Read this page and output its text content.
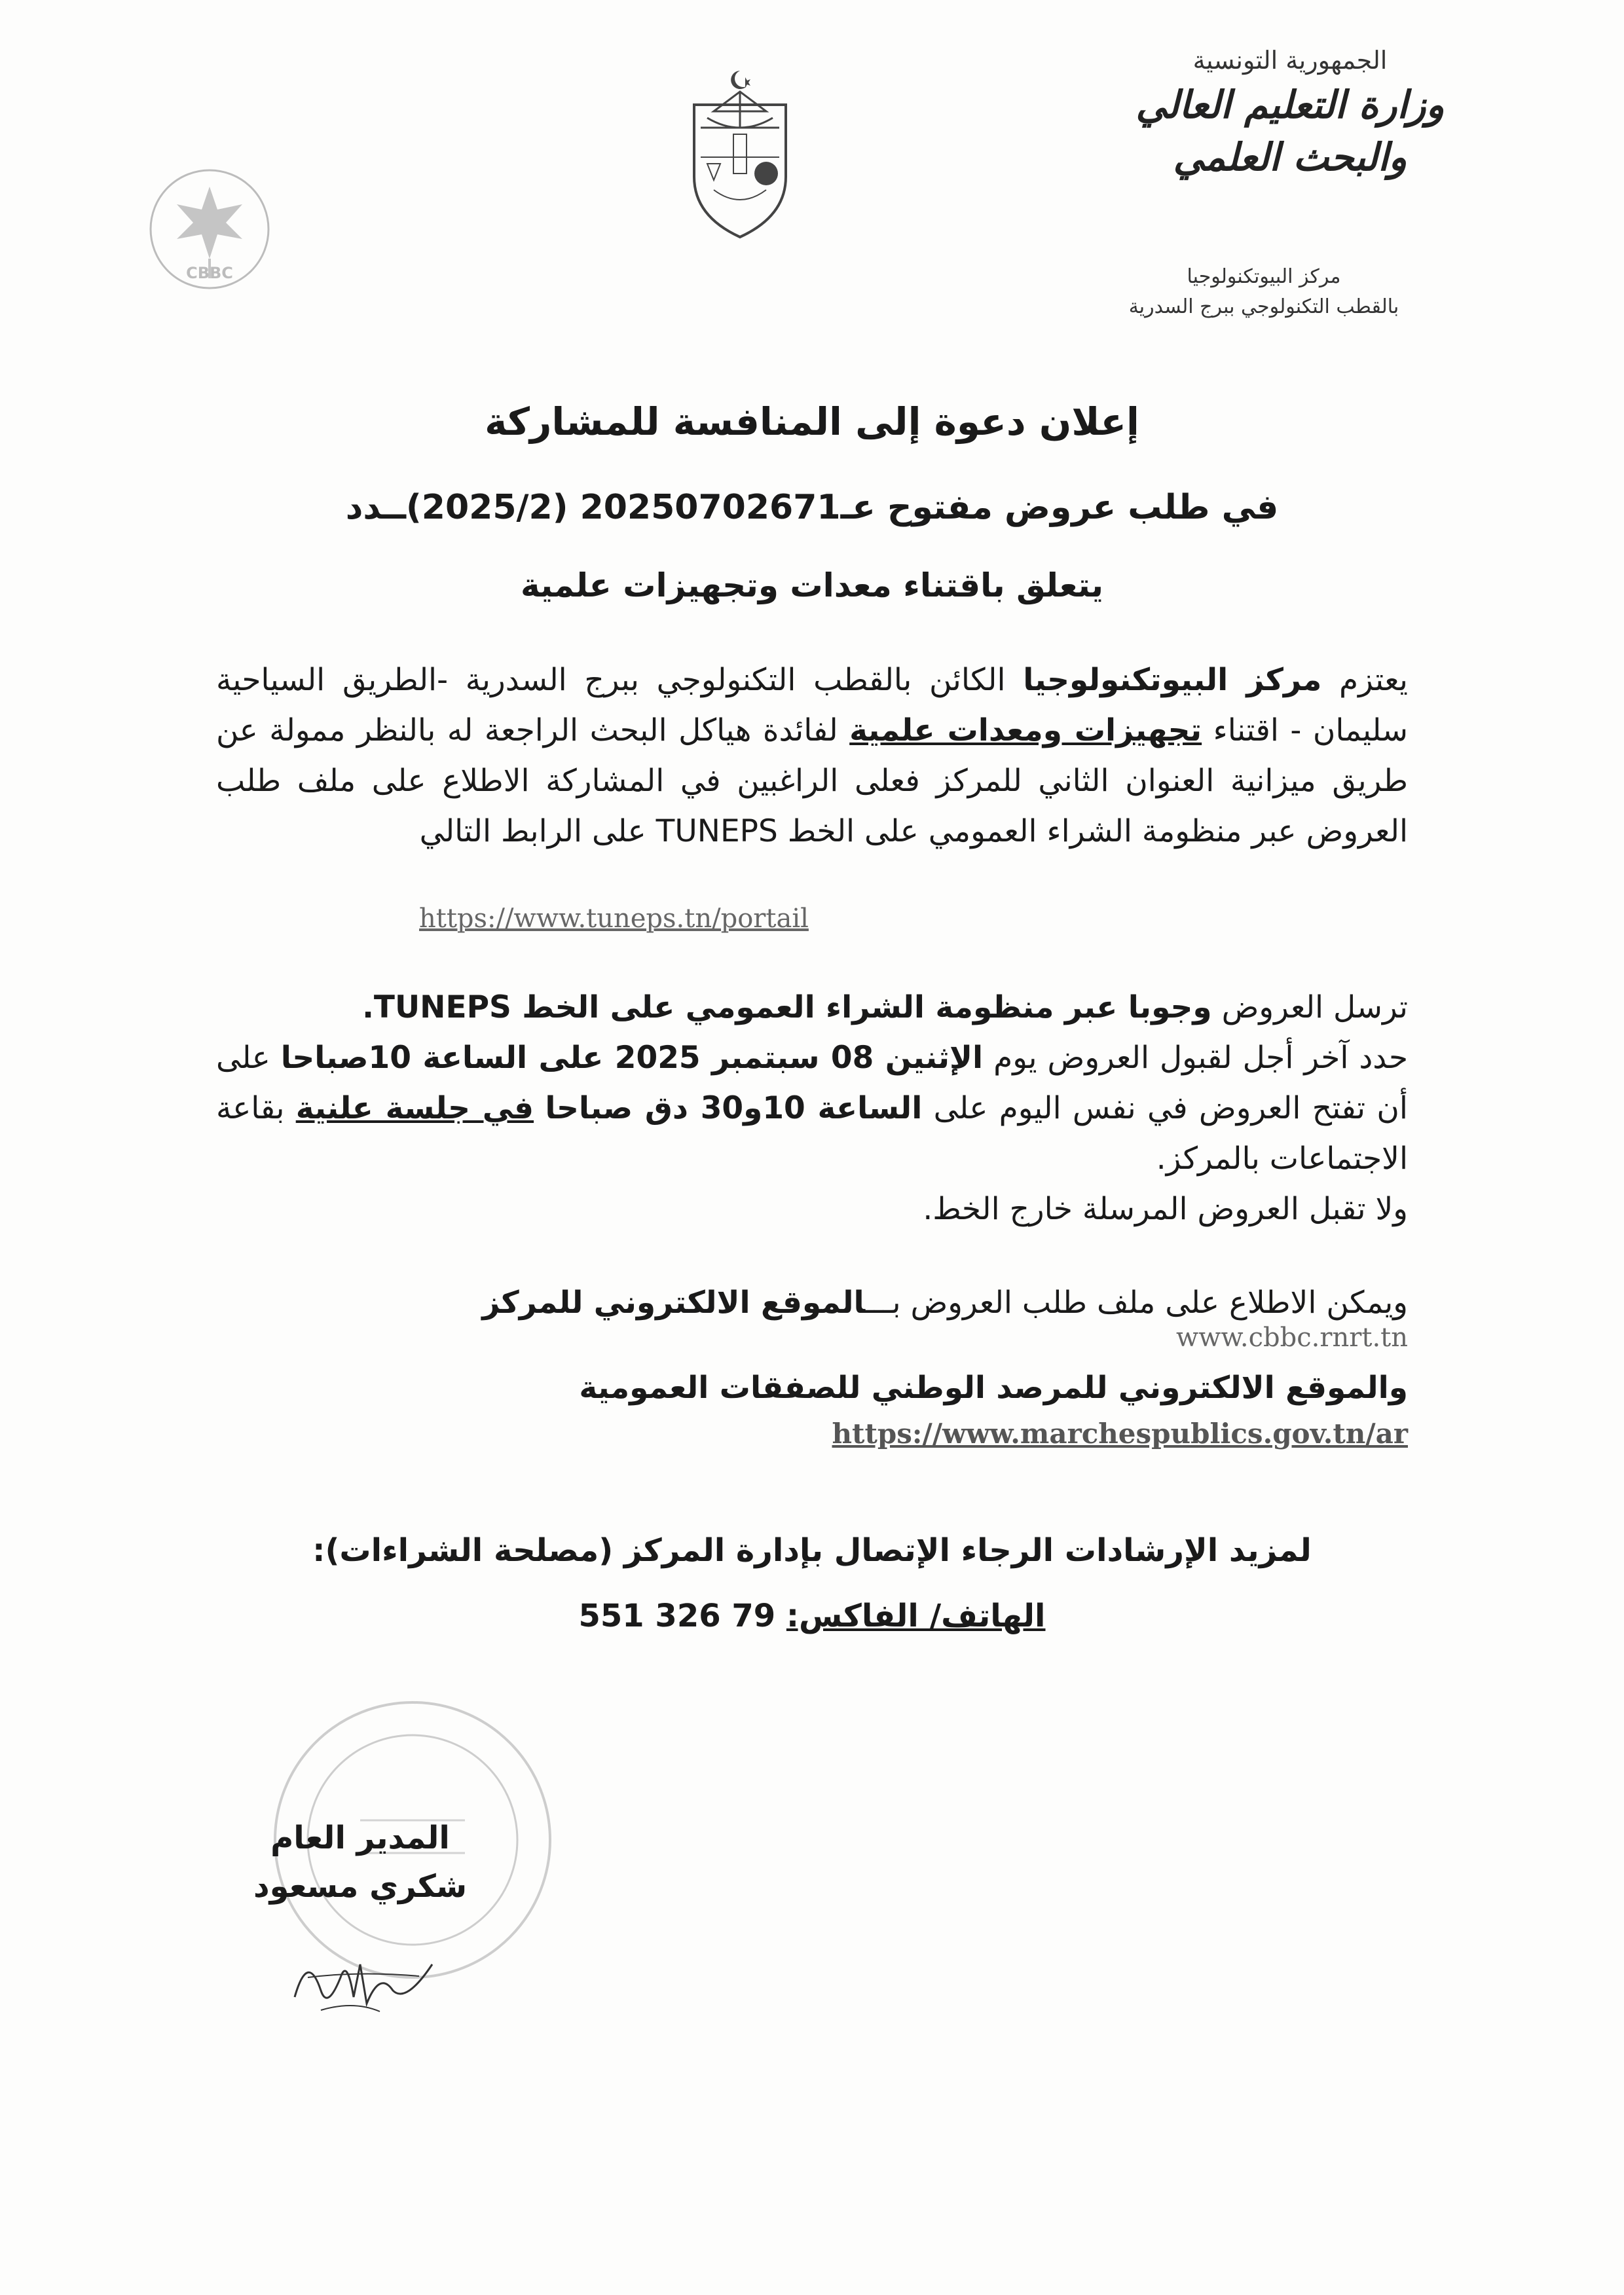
الجمهورية التونسية
وزارة التعليم العالي
والبحث العلمي
مركز البيوتكنولوجيا
بالقطب التكنولوجي ببرج السدرية
CBBC
إعلان دعوة إلى المنافسة للمشاركة
في طلب عروض مفتوح عـ20250702671 (2025/2)ــدد
يتعلق باقتناء معدات وتجهيزات علمية
يعتزم مركز البيوتكنولوجيا الكائن بالقطب التكنولوجي ببرج السدرية -الطريق السياحية سليمان - اقتناء تجهيزات ومعدات علمية لفائدة هياكل البحث الراجعة له بالنظر ممولة عن طريق ميزانية العنوان الثاني للمركز فعلى الراغبين في المشاركة الاطلاع على ملف طلب العروض عبر منظومة الشراء العمومي على الخط TUNEPS على الرابط التالي
https://www.tuneps.tn/portail
ترسل العروض وجوبا عبر منظومة الشراء العمومي على الخط TUNEPS.
حدد آخر أجل لقبول العروض يوم الإثنين 08 سبتمبر 2025 على الساعة 10صباحا على أن تفتح العروض في نفس اليوم على الساعة 10و30 دق صباحا في جلسة علنية بقاعة الاجتماعات بالمركز.
ولا تقبل العروض المرسلة خارج الخط.
ويمكن الاطلاع على ملف طلب العروض بـــالموقع الالكتروني للمركز
www.cbbc.rnrt.tn
والموقع الالكتروني للمرصد الوطني للصفقات العمومية
https://www.marchespublics.gov.tn/ar
لمزيد الإرشادات الرجاء الإتصال بإدارة المركز (مصلحة الشراءات):
الهاتف/ الفاكس: 79 326 551
المدير العام
شكري مسعود
